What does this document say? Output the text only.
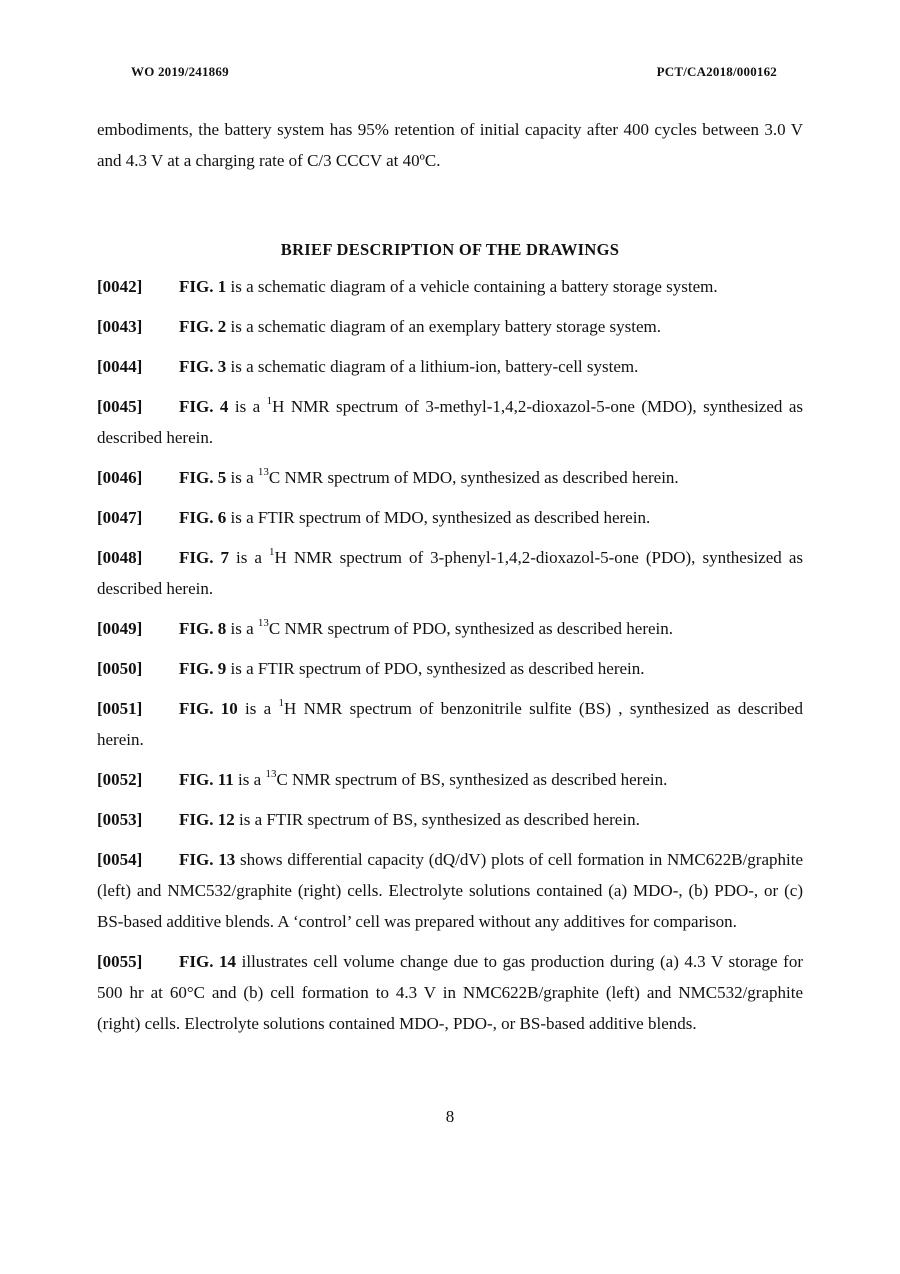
WO 2019/241869	PCT/CA2018/000162

embodiments, the battery system has 95% retention of initial capacity after 400 cycles between 3.0 V and 4.3 V at a charging rate of C/3 CCCV at 40ºC.

BRIEF DESCRIPTION OF THE DRAWINGS

[0042] FIG. 1 is a schematic diagram of a vehicle containing a battery storage system.

[0043] FIG. 2 is a schematic diagram of an exemplary battery storage system.

[0044] FIG. 3 is a schematic diagram of a lithium-ion, battery-cell system.

[0045] FIG. 4 is a $^1$H NMR spectrum of 3-methyl-1,4,2-dioxazol-5-one (MDO), synthesized as described herein.

[0046] FIG. 5 is a $^{13}$C NMR spectrum of MDO, synthesized as described herein.

[0047] FIG. 6 is a FTIR spectrum of MDO, synthesized as described herein.

[0048] FIG. 7 is a $^1$H NMR spectrum of 3-phenyl-1,4,2-dioxazol-5-one (PDO), synthesized as described herein.

[0049] FIG. 8 is a $^{13}$C NMR spectrum of PDO, synthesized as described herein.

[0050] FIG. 9 is a FTIR spectrum of PDO, synthesized as described herein.

[0051] FIG. 10 is a $^1$H NMR spectrum of benzonitrile sulfite (BS) , synthesized as described herein.

[0052] FIG. 11 is a $^{13}$C NMR spectrum of BS, synthesized as described herein.

[0053] FIG. 12 is a FTIR spectrum of BS, synthesized as described herein.

[0054] FIG. 13 shows differential capacity (dQ/dV) plots of cell formation in NMC622B/graphite (left) and NMC532/graphite (right) cells. Electrolyte solutions contained (a) MDO-, (b) PDO-, or (c) BS-based additive blends. A ‘control’ cell was prepared without any additives for comparison.

[0055] FIG. 14 illustrates cell volume change due to gas production during (a) 4.3 V storage for 500 hr at 60°C and (b) cell formation to 4.3 V in NMC622B/graphite (left) and NMC532/graphite (right) cells. Electrolyte solutions contained MDO-, PDO-, or BS-based additive blends.

8
